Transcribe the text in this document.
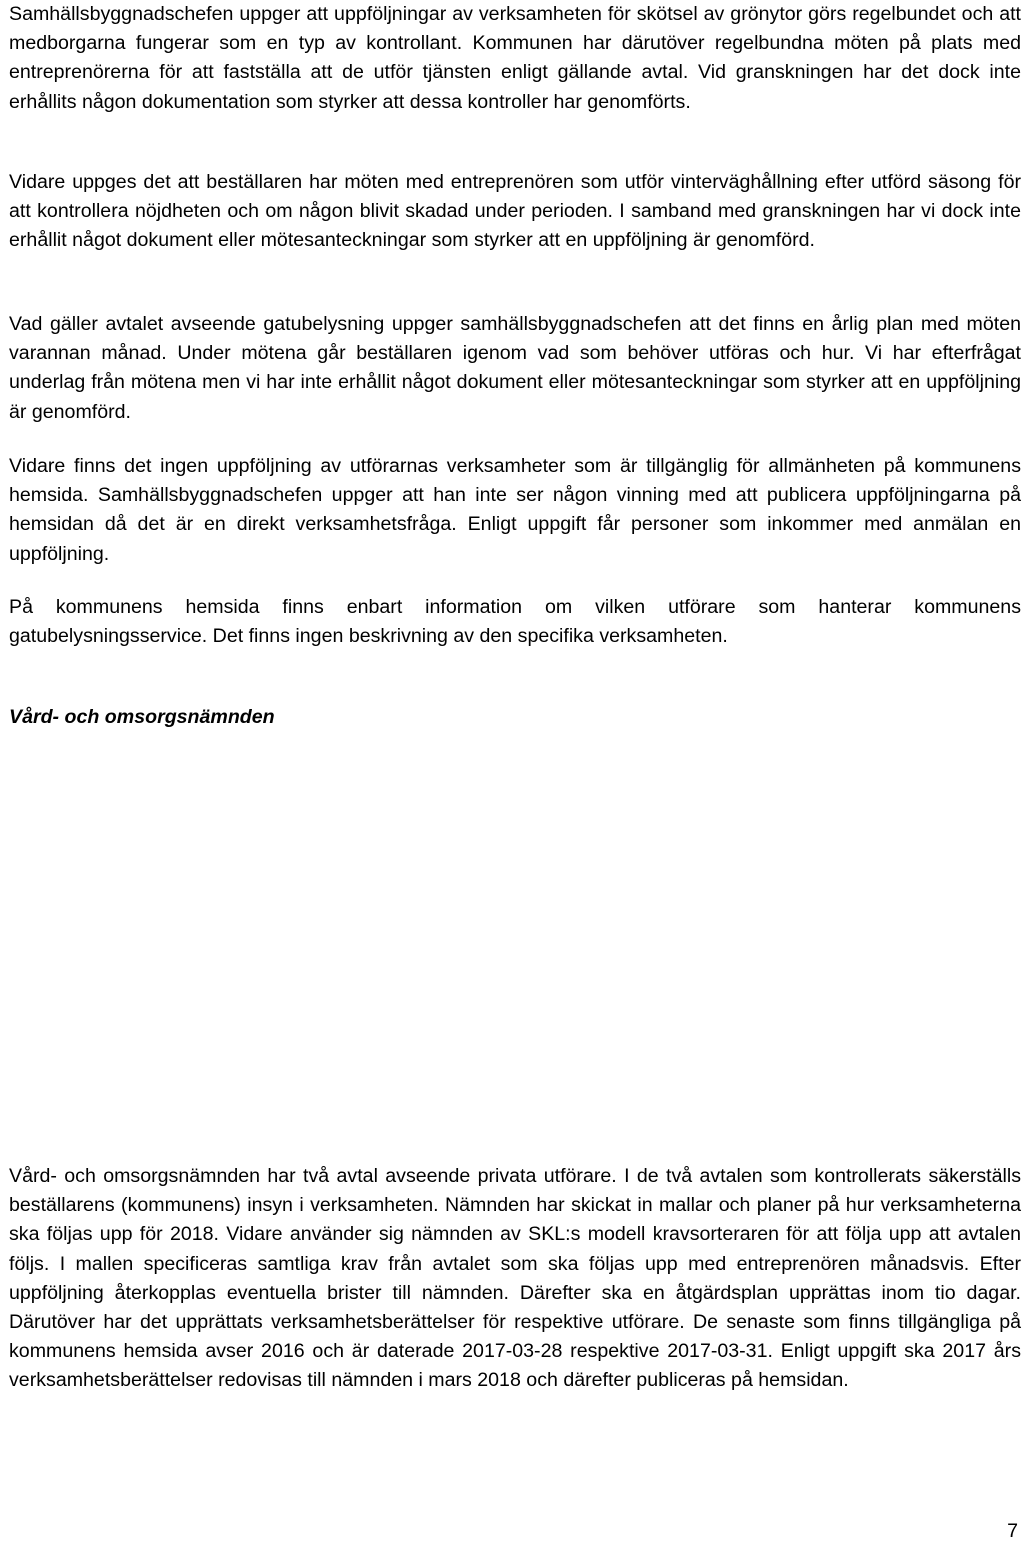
Samhällsbyggnadschefen uppger att uppföljningar av verksamheten för skötsel av grönytor görs regelbundet och att medborgarna fungerar som en typ av kontrollant. Kommunen har därutöver regelbundna möten på plats med entreprenörerna för att fastställa att de utför tjänsten enligt gällande avtal. Vid granskningen har det dock inte erhållits någon dokumentation som styrker att dessa kontroller har genomförts.

Vidare uppges det att beställaren har möten med entreprenören som utför vinterväghållning efter utförd säsong för att kontrollera nöjdheten och om någon blivit skadad under perioden. I samband med granskningen har vi dock inte erhållit något dokument eller mötesanteckningar som styrker att en uppföljning är genomförd.

Vad gäller avtalet avseende gatubelysning uppger samhällsbyggnadschefen att det finns en årlig plan med möten varannan månad. Under mötena går beställaren igenom vad som behöver utföras och hur. Vi har efterfrågat underlag från mötena men vi har inte erhållit något dokument eller mötesanteckningar som styrker att en uppföljning är genomförd.

Vidare finns det ingen uppföljning av utförarnas verksamheter som är tillgänglig för allmänheten på kommunens hemsida. Samhällsbyggnadschefen uppger att han inte ser någon vinning med att publicera uppföljningarna på hemsidan då det är en direkt verksamhetsfråga. Enligt uppgift får personer som inkommer med anmälan en uppföljning.

På kommunens hemsida finns enbart information om vilken utförare som hanterar kommunens gatubelysningsservice. Det finns ingen beskrivning av den specifika verksamheten.

Vård- och omsorgsnämnden

Vård- och omsorgsnämnden har två avtal avseende privata utförare. I de två avtalen som kontrollerats säkerställs beställarens (kommunens) insyn i verksamheten. Nämnden har skickat in mallar och planer på hur verksamheterna ska följas upp för 2018. Vidare använder sig nämnden av SKL:s modell kravsorteraren för att följa upp att avtalen följs. I mallen specificeras samtliga krav från avtalet som ska följas upp med entreprenören månadsvis. Efter uppföljning återkopplas eventuella brister till nämnden. Därefter ska en åtgärdsplan upprättas inom tio dagar. Därutöver har det upprättats verksamhetsberättelser för respektive utförare. De senaste som finns tillgängliga på kommunens hemsida avser 2016 och är daterade 2017-03-28 respektive 2017-03-31. Enligt uppgift ska 2017 års verksamhetsberättelser redovisas till nämnden i mars 2018 och därefter publiceras på hemsidan.

7
